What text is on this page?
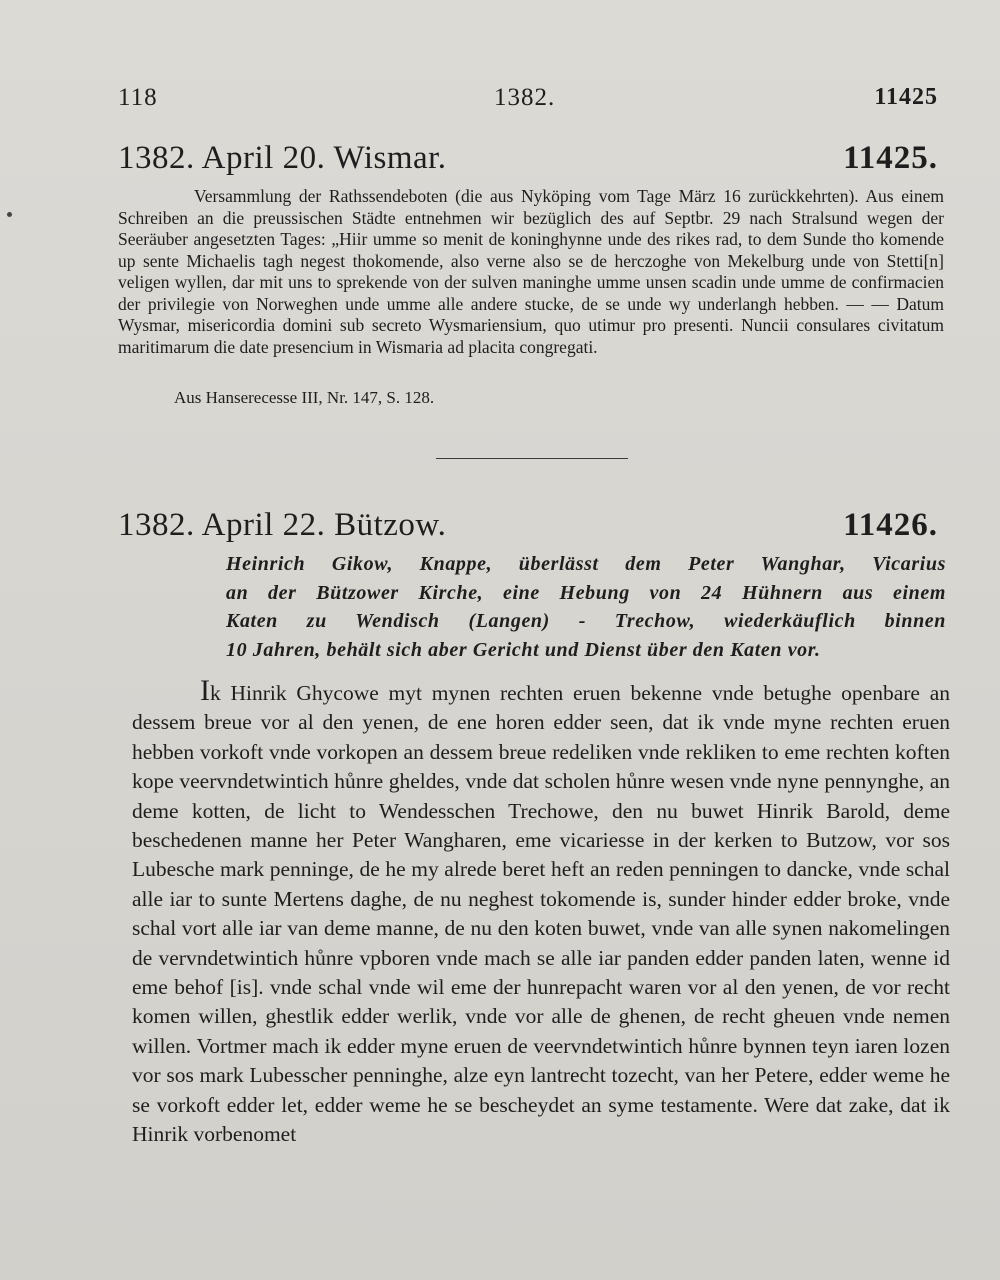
118	1382.	11425
1382. April 20. Wismar.	11425.

Versammlung der Rathssendeboten (die aus Nyköping vom Tage März 16 zurückkehrten). Aus einem Schreiben an die preussischen Städte entnehmen wir bezüglich des auf Septbr. 29 nach Stralsund wegen der Seeräuber angesetzten Tages: „Hiir umme so menit de koninghynne unde des rikes rad, to dem Sunde tho komende up sente Michaelis tagh negest thokomende, also verne also se de herczoghe von Mekelburg unde von Stetti[n] veligen wyllen, dar mit uns to sprekende von der sulven maninghe umme unsen scadin unde umme de confirmacien der privilegie von Norweghen unde umme alle andere stucke, de se unde wy underlangh hebben. — — Datum Wysmar, misericordia domini sub secreto Wysmariensium, quo utimur pro presenti. Nuncii consulares civitatum maritimarum die date presencium in Wismaria ad placita congregati.

Aus Hanserecesse III, Nr. 147, S. 128.
1382. April 22. Bützow.	11426.
Heinrich Gikow, Knappe, überlässt dem Peter Wanghar, Vicarius
an der Bützower Kirche, eine Hebung von 24 Hühnern aus einem
Katen zu Wendisch (Langen) - Trechow, wiederkäuflich binnen
10 Jahren, behält sich aber Gericht und Dienst über den Katen vor.

Ik Hinrik Ghycowe myt mynen rechten eruen bekenne vnde betughe openbare an dessem breue vor al den yenen, de ene horen edder seen, dat ik vnde myne rechten eruen hebben vorkoft vnde vorkopen an dessem breue redeliken vnde rekliken to eme rechten koften kope veervndetwintich hůnre gheldes, vnde dat scholen hůnre wesen vnde nyne pennynghe, an deme kotten, de licht to Wendesschen Trechowe, den nu buwet Hinrik Barold, deme beschedenen manne her Peter Wangharen, eme vicariesse in der kerken to Butzow, vor sos Lubesche mark penninge, de he my alrede beret heft an reden penningen to dancke, vnde schal alle iar to sunte Mertens daghe, de nu neghest tokomende is, sunder hinder edder broke, vnde schal vort alle iar van deme manne, de nu den koten buwet, vnde van alle synen nakomelingen de vervndetwintich hůnre vpboren vnde mach se alle iar panden edder panden laten, wenne id eme behof [is]. vnde schal vnde wil eme der hunrepacht waren vor al den yenen, de vor recht komen willen, ghestlik edder werlik, vnde vor alle de ghenen, de recht gheuen vnde nemen willen. Vortmer mach ik edder myne eruen de veervndetwintich hůnre bynnen teyn iaren lozen vor sos mark Lubesscher penninghe, alze eyn lantrecht tozecht, van her Petere, edder weme he se vorkoft edder let, edder weme he se bescheydet an syme testamente. Were dat zake, dat ik Hinrik vorbenomet
